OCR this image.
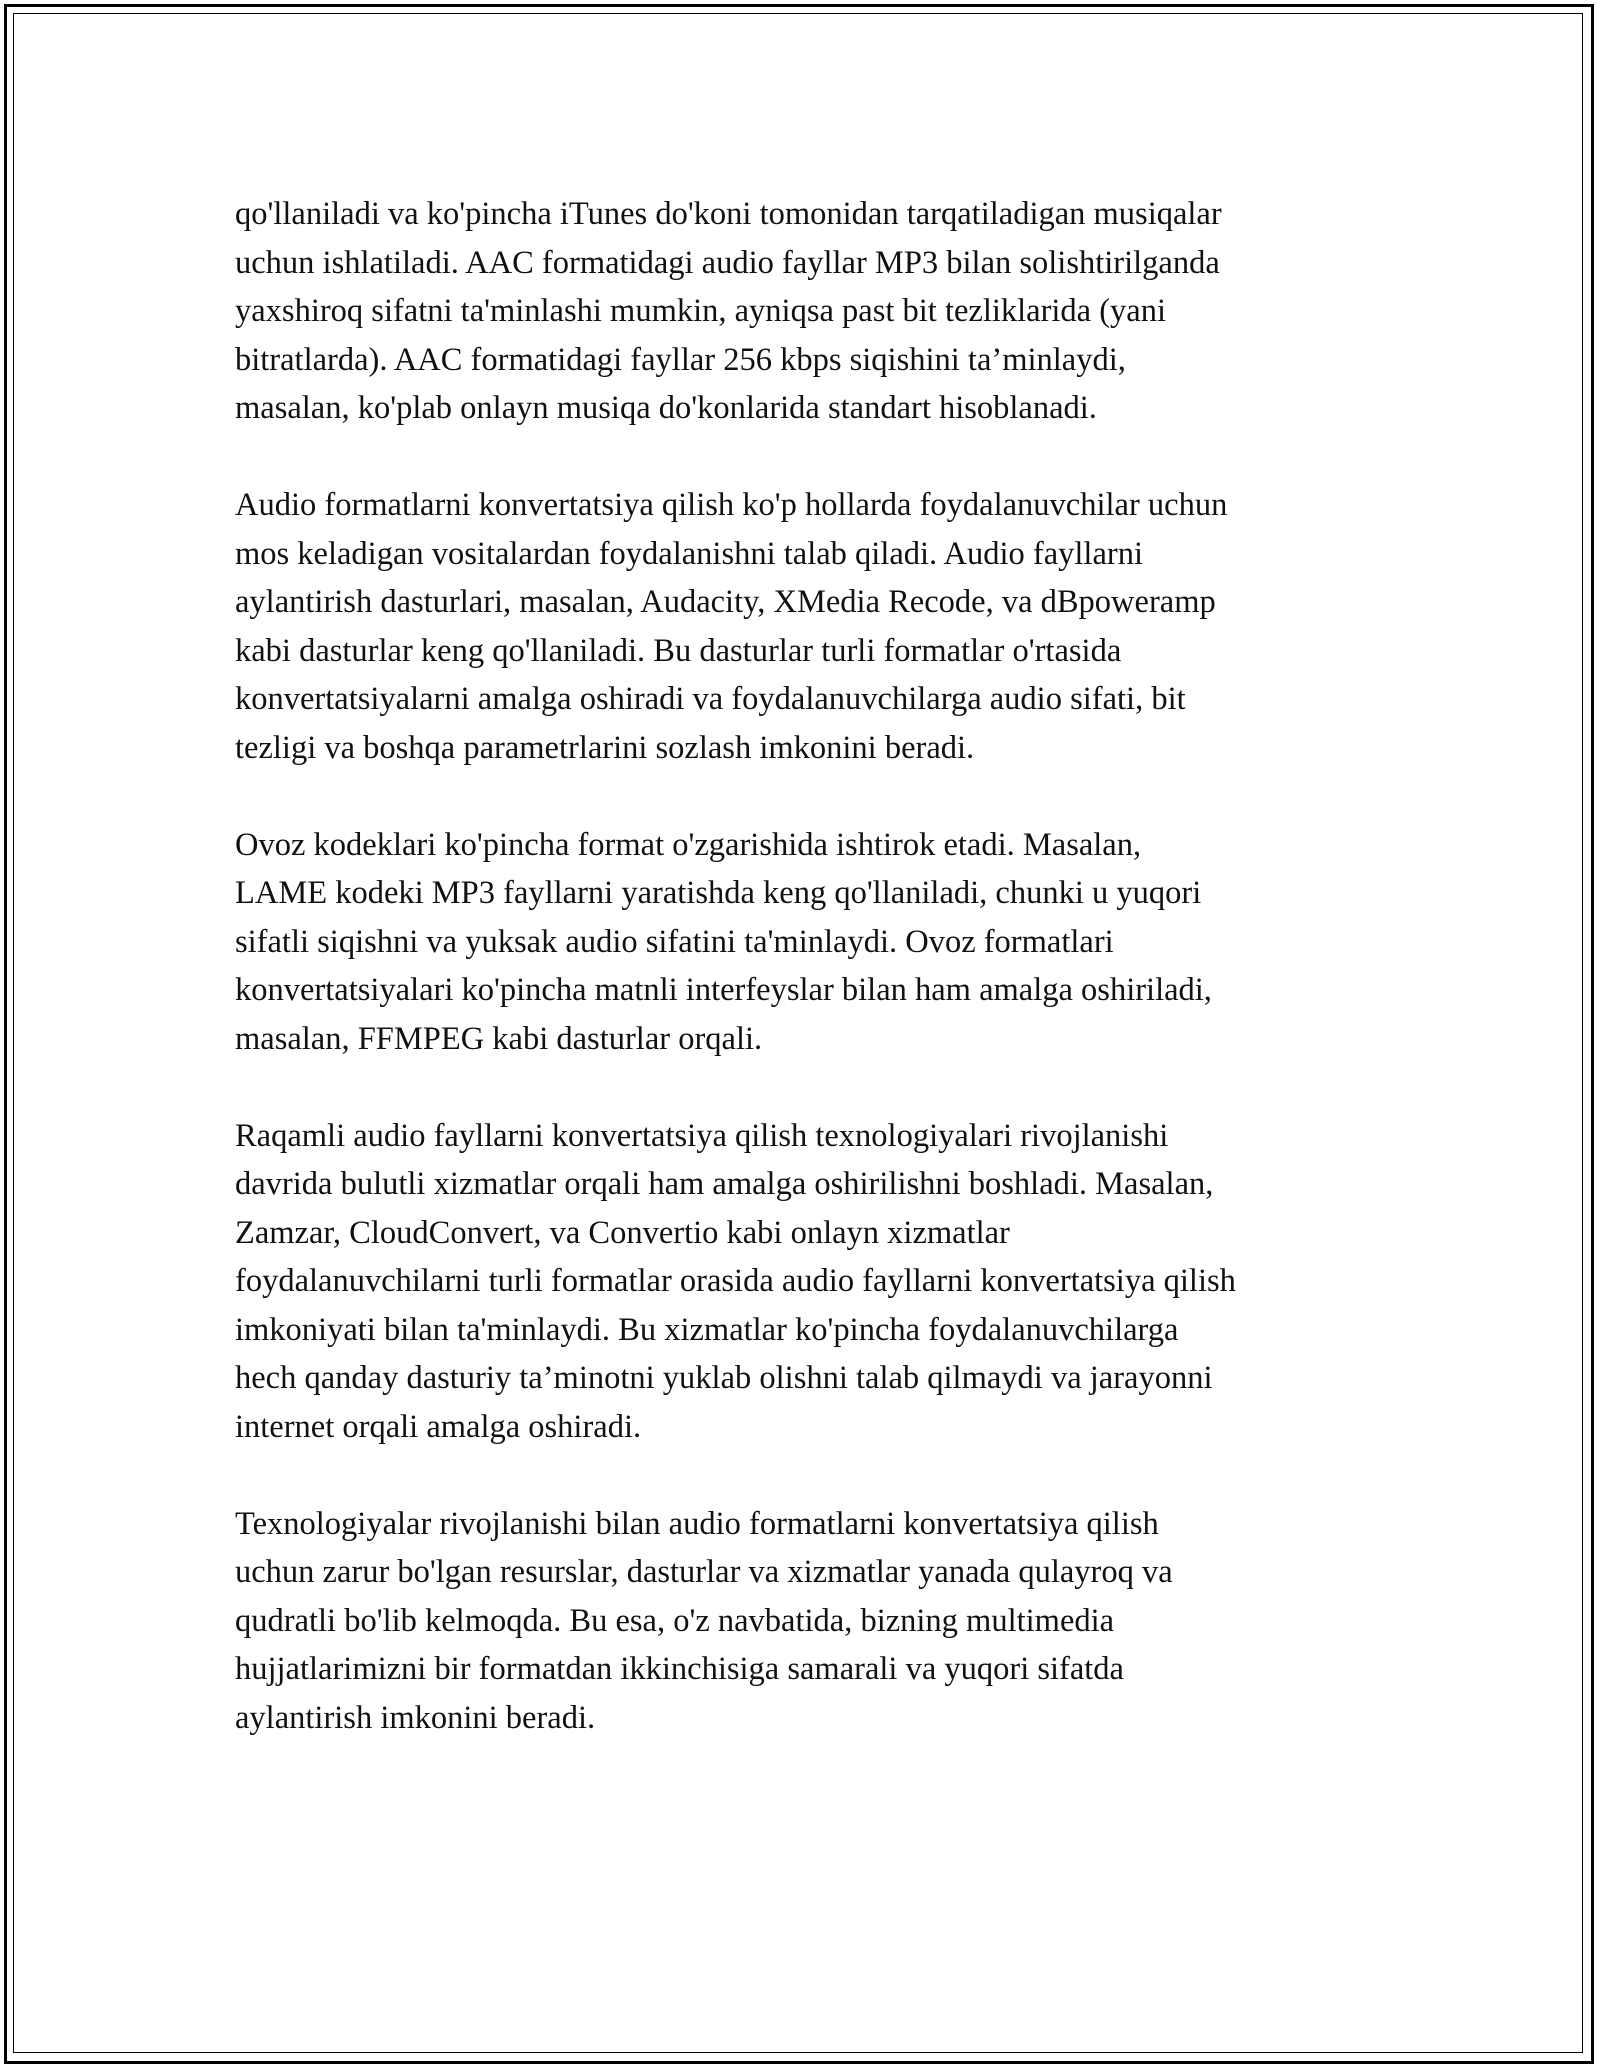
qo'llaniladi va ko'pincha iTunes do'koni tomonidan tarqatiladigan musiqalar
uchun ishlatiladi. AAC formatidagi audio fayllar MP3 bilan solishtirilganda
yaxshiroq sifatni ta'minlashi mumkin, ayniqsa past bit tezliklarida (yani
bitratlarda). AAC formatidagi fayllar 256 kbps siqishini ta’minlaydi,
masalan, ko'plab onlayn musiqa do'konlarida standart hisoblanadi.

Audio formatlarni konvertatsiya qilish ko'p hollarda foydalanuvchilar uchun
mos keladigan vositalardan foydalanishni talab qiladi. Audio fayllarni
aylantirish dasturlari, masalan, Audacity, XMedia Recode, va dBpoweramp
kabi dasturlar keng qo'llaniladi. Bu dasturlar turli formatlar o'rtasida
konvertatsiyalarni amalga oshiradi va foydalanuvchilarga audio sifati, bit
tezligi va boshqa parametrlarini sozlash imkonini beradi.

Ovoz kodeklari ko'pincha format o'zgarishida ishtirok etadi. Masalan,
LAME kodeki MP3 fayllarni yaratishda keng qo'llaniladi, chunki u yuqori
sifatli siqishni va yuksak audio sifatini ta'minlaydi. Ovoz formatlari
konvertatsiyalari ko'pincha matnli interfeyslar bilan ham amalga oshiriladi,
masalan, FFMPEG kabi dasturlar orqali.

Raqamli audio fayllarni konvertatsiya qilish texnologiyalari rivojlanishi
davrida bulutli xizmatlar orqali ham amalga oshirilishni boshladi. Masalan,
Zamzar, CloudConvert, va Convertio kabi onlayn xizmatlar
foydalanuvchilarni turli formatlar orasida audio fayllarni konvertatsiya qilish
imkoniyati bilan ta'minlaydi. Bu xizmatlar ko'pincha foydalanuvchilarga
hech qanday dasturiy ta’minotni yuklab olishni talab qilmaydi va jarayonni
internet orqali amalga oshiradi.

Texnologiyalar rivojlanishi bilan audio formatlarni konvertatsiya qilish
uchun zarur bo'lgan resurslar, dasturlar va xizmatlar yanada qulayroq va
qudratli bo'lib kelmoqda. Bu esa, o'z navbatida, bizning multimedia
hujjatlarimizni bir formatdan ikkinchisiga samarali va yuqori sifatda
aylantirish imkonini beradi.
